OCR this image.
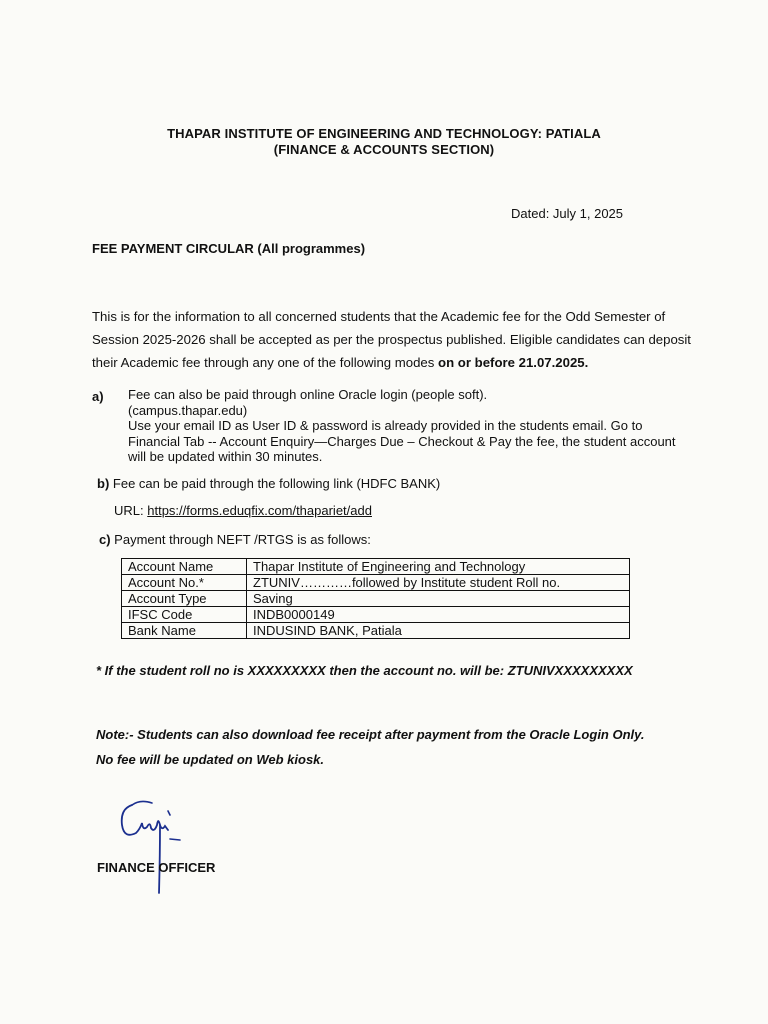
THAPAR INSTITUTE OF ENGINEERING AND TECHNOLOGY: PATIALA
(FINANCE & ACCOUNTS SECTION)
Dated: July 1, 2025
FEE PAYMENT CIRCULAR (All programmes)
This is for the information to all concerned students that the Academic fee for the Odd Semester of Session 2025-2026 shall be accepted as per the prospectus published. Eligible candidates can deposit their Academic fee through any one of the following modes on or before 21.07.2025.
a) Fee can also be paid through online Oracle login (people soft).
(campus.thapar.edu)
Use your email ID as User ID & password is already provided in the students email. Go to Financial Tab -- Account Enquiry—Charges Due – Checkout & Pay the fee, the student account will be updated within 30 minutes.
b) Fee can be paid through the following link (HDFC BANK)
URL: https://forms.eduqfix.com/thapariet/add
c) Payment through NEFT /RTGS is as follows:
Account Name	Thapar Institute of Engineering and Technology
Account No.*	ZTUNIV…………followed by Institute student Roll no.
Account Type	Saving
IFSC Code	INDB0000149
Bank Name	INDUSIND BANK, Patiala
* If the student roll no is XXXXXXXXX then the account no. will be: ZTUNIVXXXXXXXXX
Note:- Students can also download fee receipt after payment from the Oracle Login Only.
No fee will be updated on Web kiosk.
FINANCE OFFICER
